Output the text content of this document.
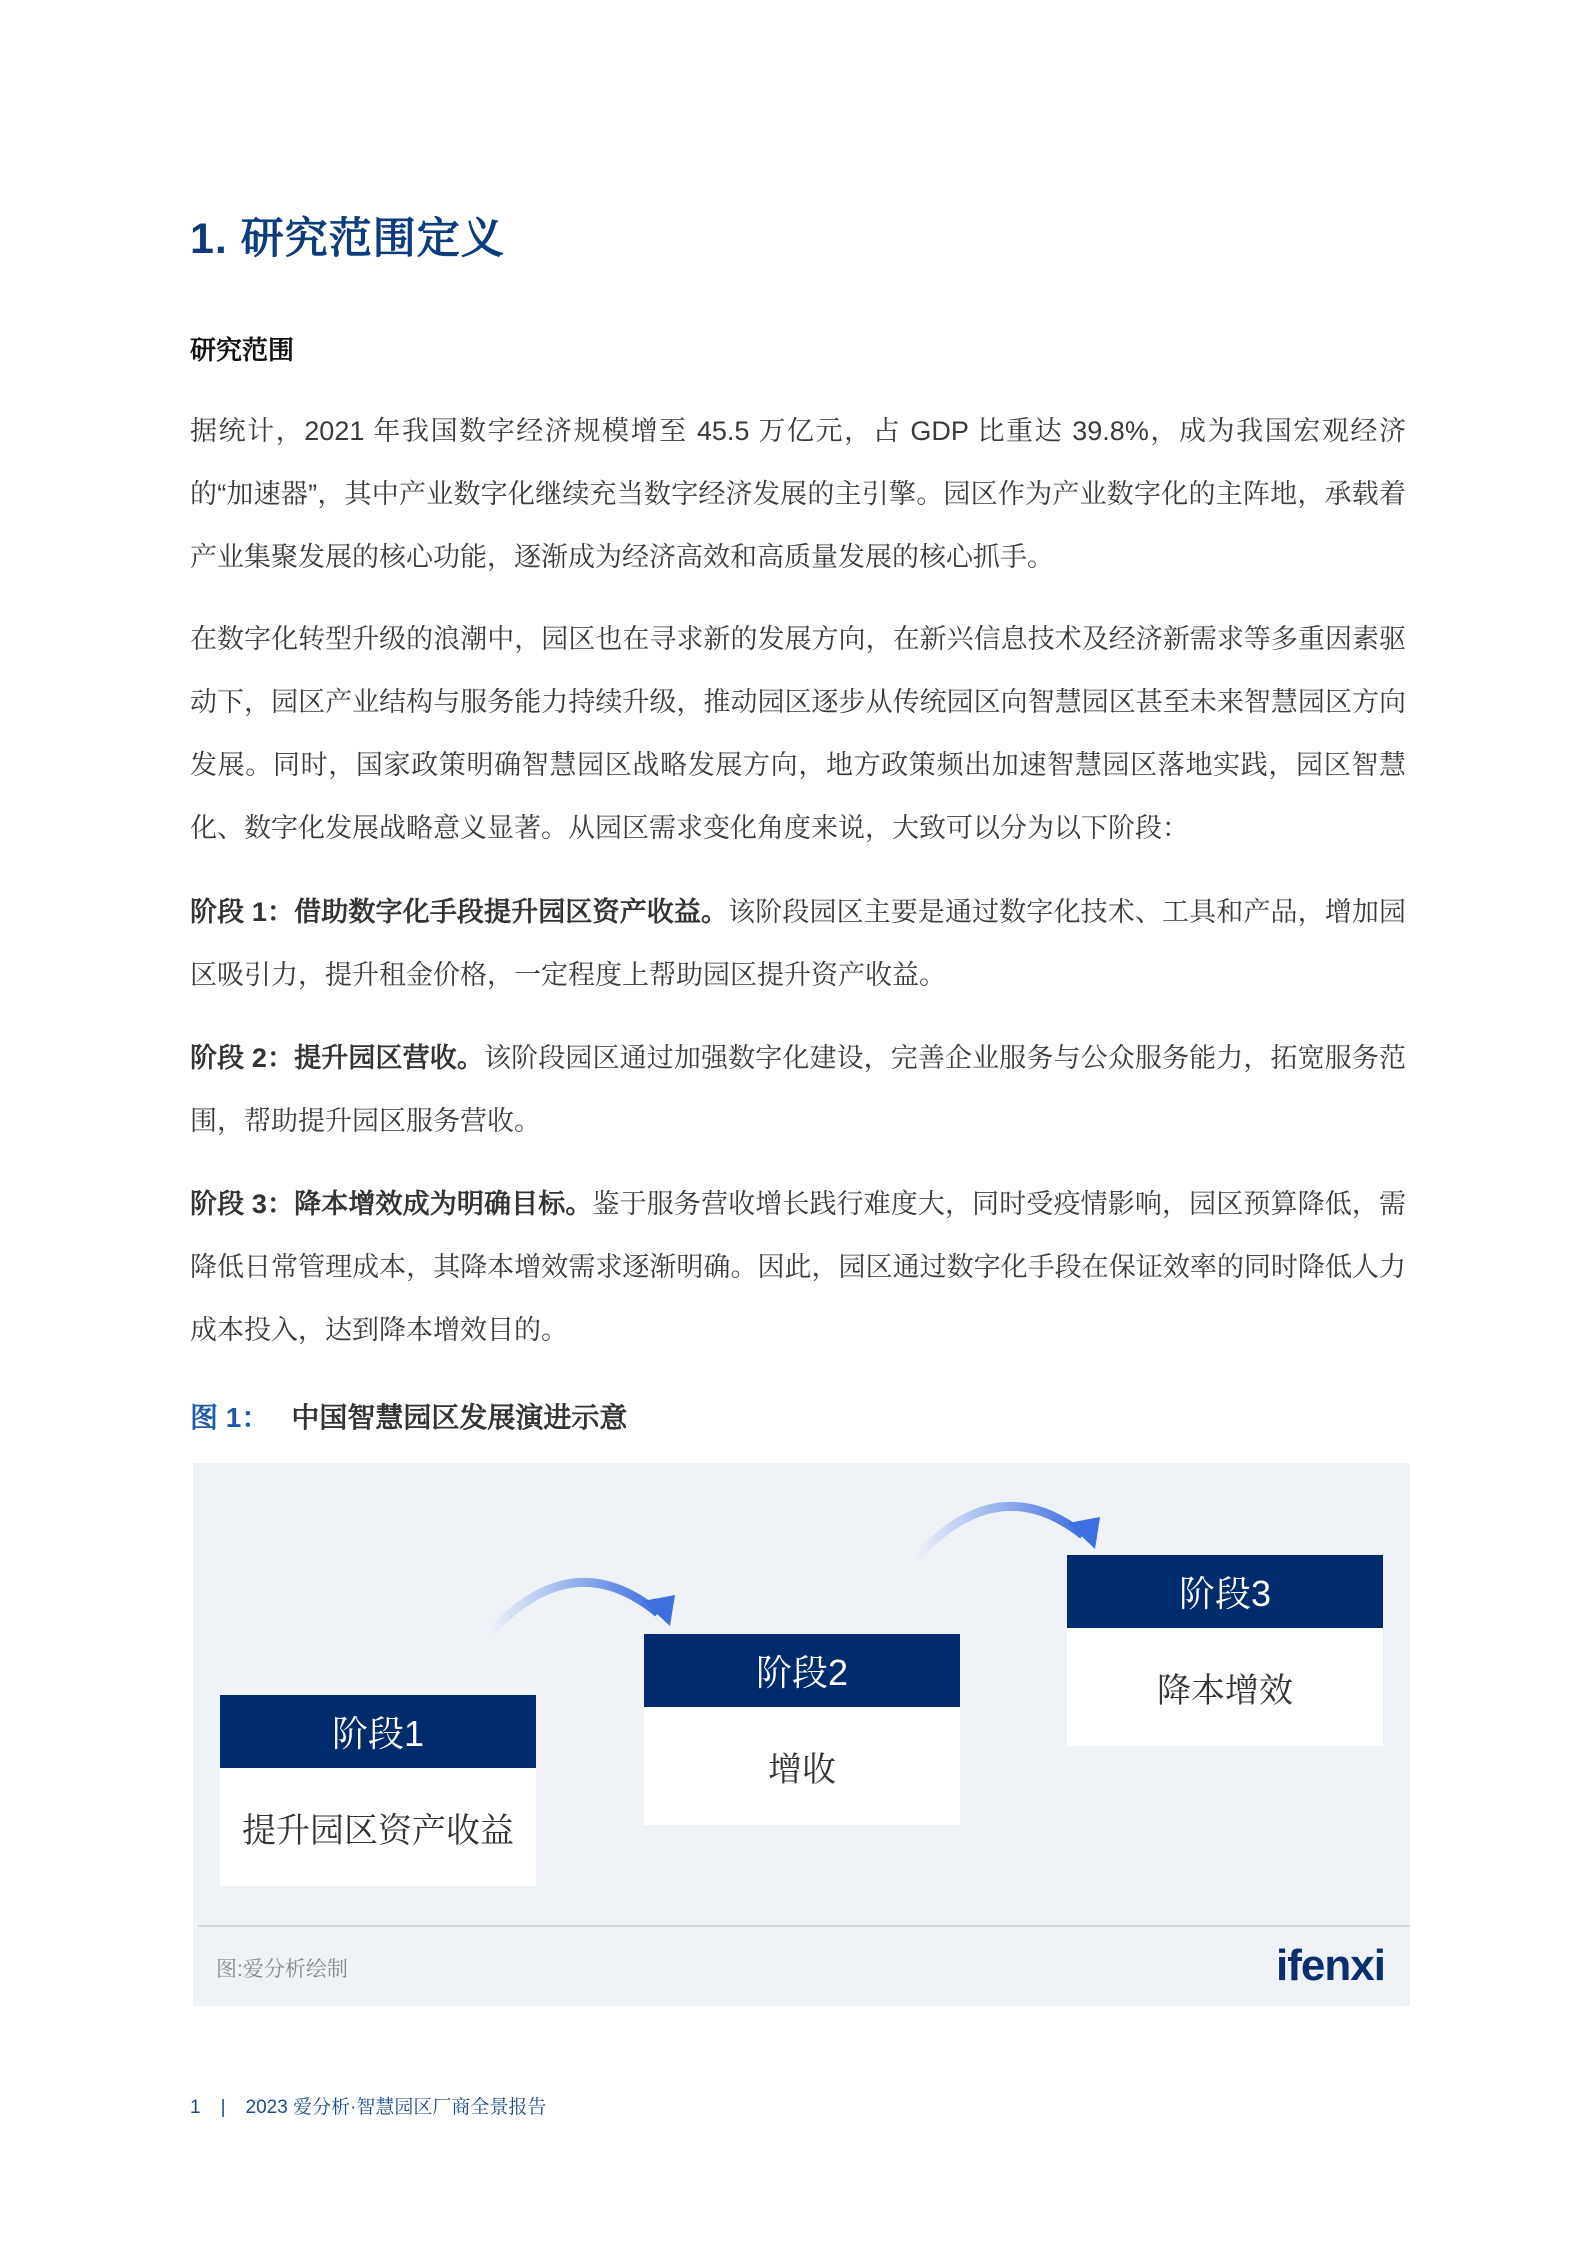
1. 研究范围定义
研究范围
据统计，2021 年我国数字经济规模增至 45.5 万亿元，占 GDP 比重达 39.8%，成为我国宏观经济的“加速器”，其中产业数字化继续充当数字经济发展的主引擎。园区作为产业数字化的主阵地，承载着产业集聚发展的核心功能，逐渐成为经济高效和高质量发展的核心抓手。
在数字化转型升级的浪潮中，园区也在寻求新的发展方向，在新兴信息技术及经济新需求等多重因素驱动下，园区产业结构与服务能力持续升级，推动园区逐步从传统园区向智慧园区甚至未来智慧园区方向发展。同时，国家政策明确智慧园区战略发展方向，地方政策频出加速智慧园区落地实践，园区智慧化、数字化发展战略意义显著。从园区需求变化角度来说，大致可以分为以下阶段：
阶段 1：借助数字化手段提升园区资产收益。该阶段园区主要是通过数字化技术、工具和产品，增加园区吸引力，提升租金价格，一定程度上帮助园区提升资产收益。
阶段 2：提升园区营收。该阶段园区通过加强数字化建设，完善企业服务与公众服务能力，拓宽服务范围，帮助提升园区服务营收。
阶段 3：降本增效成为明确目标。鉴于服务营收增长践行难度大，同时受疫情影响，园区预算降低，需降低日常管理成本，其降本增效需求逐渐明确。因此，园区通过数字化手段在保证效率的同时降低人力成本投入，达到降本增效目的。
图 1： 中国智慧园区发展演进示意
阶段1
提升园区资产收益
阶段2
增收
阶段3
降本增效
图:爱分析绘制	ifenxi
1 | 2023 爱分析·智慧园区厂商全景报告
